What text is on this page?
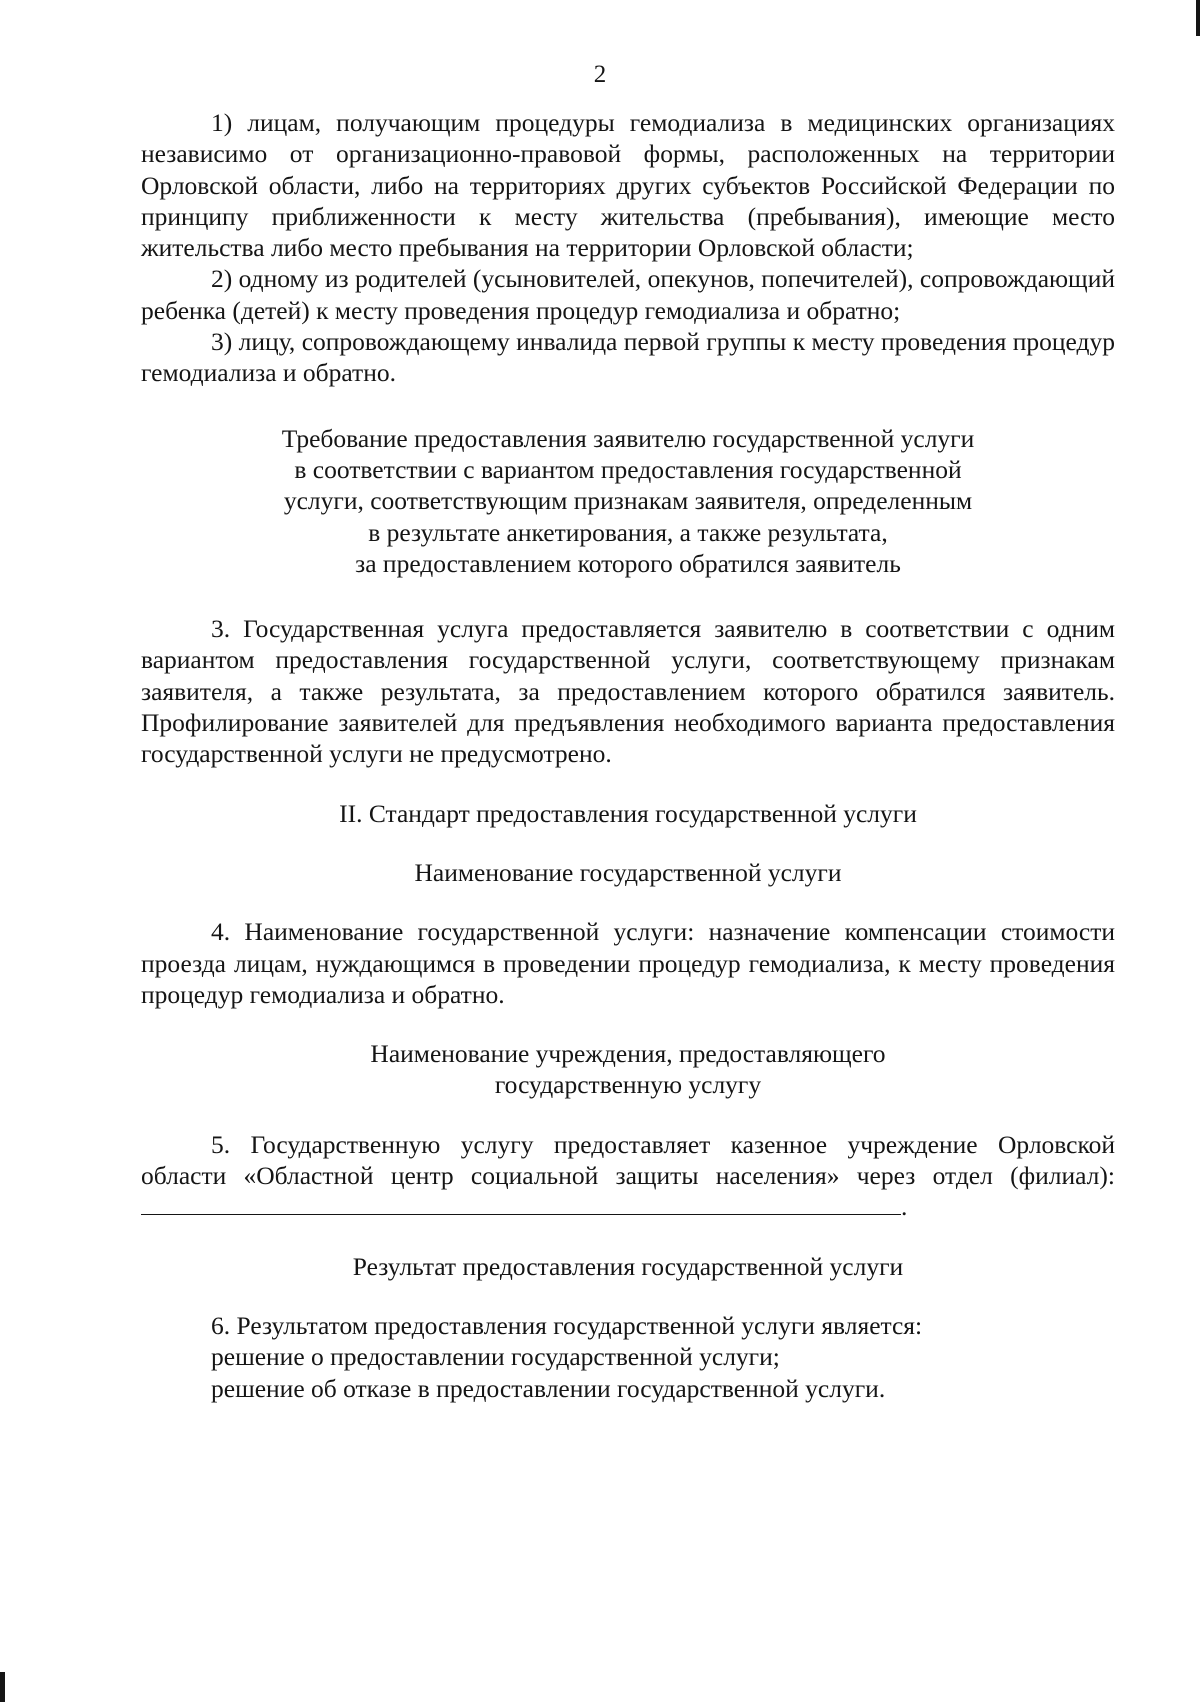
2

1) лицам, получающим процедуры гемодиализа в медицинских организациях независимо от организационно-правовой формы, расположенных на территории Орловской области, либо на территориях других субъектов Российской Федерации по принципу приближенности к месту жительства (пребывания), имеющие место жительства либо место пребывания на территории Орловской области;

2) одному из родителей (усыновителей, опекунов, попечителей), сопровождающий ребенка (детей) к месту проведения процедур гемодиализа и обратно;

3) лицу, сопровождающему инвалида первой группы к месту проведения процедур гемодиализа и обратно.

Требование предоставления заявителю государственной услуги
в соответствии с вариантом предоставления государственной
услуги, соответствующим признакам заявителя, определенным
в результате анкетирования, а также результата,
за предоставлением которого обратился заявитель

3. Государственная услуга предоставляется заявителю в соответствии с одним вариантом предоставления государственной услуги, соответствующему признакам заявителя, а также результата, за предоставлением которого обратился заявитель. Профилирование заявителей для предъявления необходимого варианта предоставления государственной услуги не предусмотрено.

II. Стандарт предоставления государственной услуги
Наименование государственной услуги

4. Наименование государственной услуги: назначение компенсации стоимости проезда лицам, нуждающимся в проведении процедур гемодиализа, к месту проведения процедур гемодиализа и обратно.

Наименование учреждения, предоставляющего
государственную услугу

5. Государственную услугу предоставляет казенное учреждение Орловской области «Областной центр социальной защиты населения» через отдел (филиал): .

Результат предоставления государственной услуги

6. Результатом предоставления государственной услуги является:

решение о предоставлении государственной услуги;

решение об отказе в предоставлении государственной услуги.
